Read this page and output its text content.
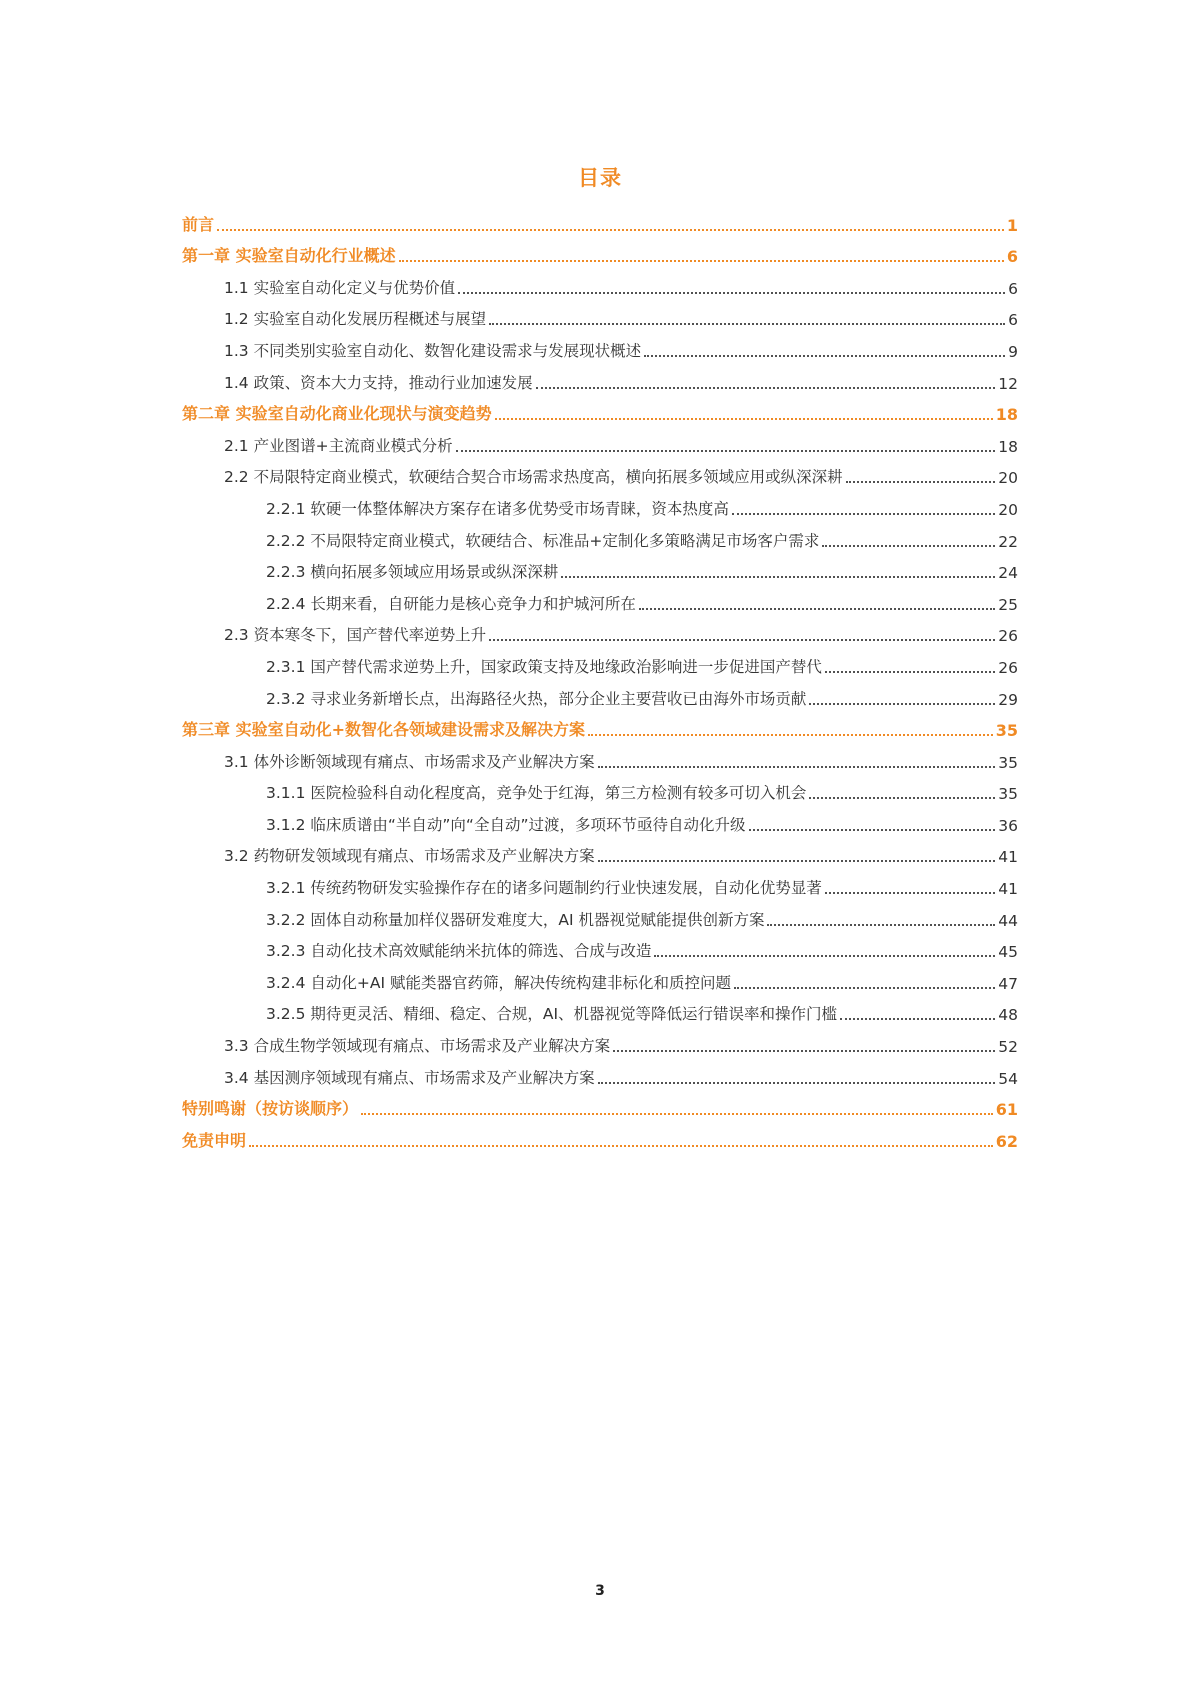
目录
前言	1
第一章 实验室自动化行业概述	6
1.1 实验室自动化定义与优势价值	6
1.2 实验室自动化发展历程概述与展望	6
1.3 不同类别实验室自动化、数智化建设需求与发展现状概述	9
1.4 政策、资本大力支持，推动行业加速发展	12
第二章 实验室自动化商业化现状与演变趋势	18
2.1 产业图谱+主流商业模式分析	18
2.2 不局限特定商业模式，软硬结合契合市场需求热度高，横向拓展多领域应用或纵深深耕	20
2.2.1 软硬一体整体解决方案存在诸多优势受市场青睐，资本热度高	20
2.2.2 不局限特定商业模式，软硬结合、标准品+定制化多策略满足市场客户需求	22
2.2.3 横向拓展多领域应用场景或纵深深耕	24
2.2.4 长期来看，自研能力是核心竞争力和护城河所在	25
2.3 资本寒冬下，国产替代率逆势上升	26
2.3.1 国产替代需求逆势上升，国家政策支持及地缘政治影响进一步促进国产替代	26
2.3.2 寻求业务新增长点，出海路径火热，部分企业主要营收已由海外市场贡献	29
第三章 实验室自动化+数智化各领域建设需求及解决方案	35
3.1 体外诊断领域现有痛点、市场需求及产业解决方案	35
3.1.1 医院检验科自动化程度高，竞争处于红海，第三方检测有较多可切入机会	35
3.1.2 临床质谱由“半自动”向“全自动”过渡，多项环节亟待自动化升级	36
3.2 药物研发领域现有痛点、市场需求及产业解决方案	41
3.2.1 传统药物研发实验操作存在的诸多问题制约行业快速发展，自动化优势显著	41
3.2.2 固体自动称量加样仪器研发难度大，AI 机器视觉赋能提供创新方案	44
3.2.3 自动化技术高效赋能纳米抗体的筛选、合成与改造	45
3.2.4 自动化+AI 赋能类器官药筛，解决传统构建非标化和质控问题	47
3.2.5 期待更灵活、精细、稳定、合规，AI、机器视觉等降低运行错误率和操作门槛	48
3.3 合成生物学领域现有痛点、市场需求及产业解决方案	52
3.4 基因测序领域现有痛点、市场需求及产业解决方案	54
特别鸣谢（按访谈顺序）	61
免责申明	62
3
